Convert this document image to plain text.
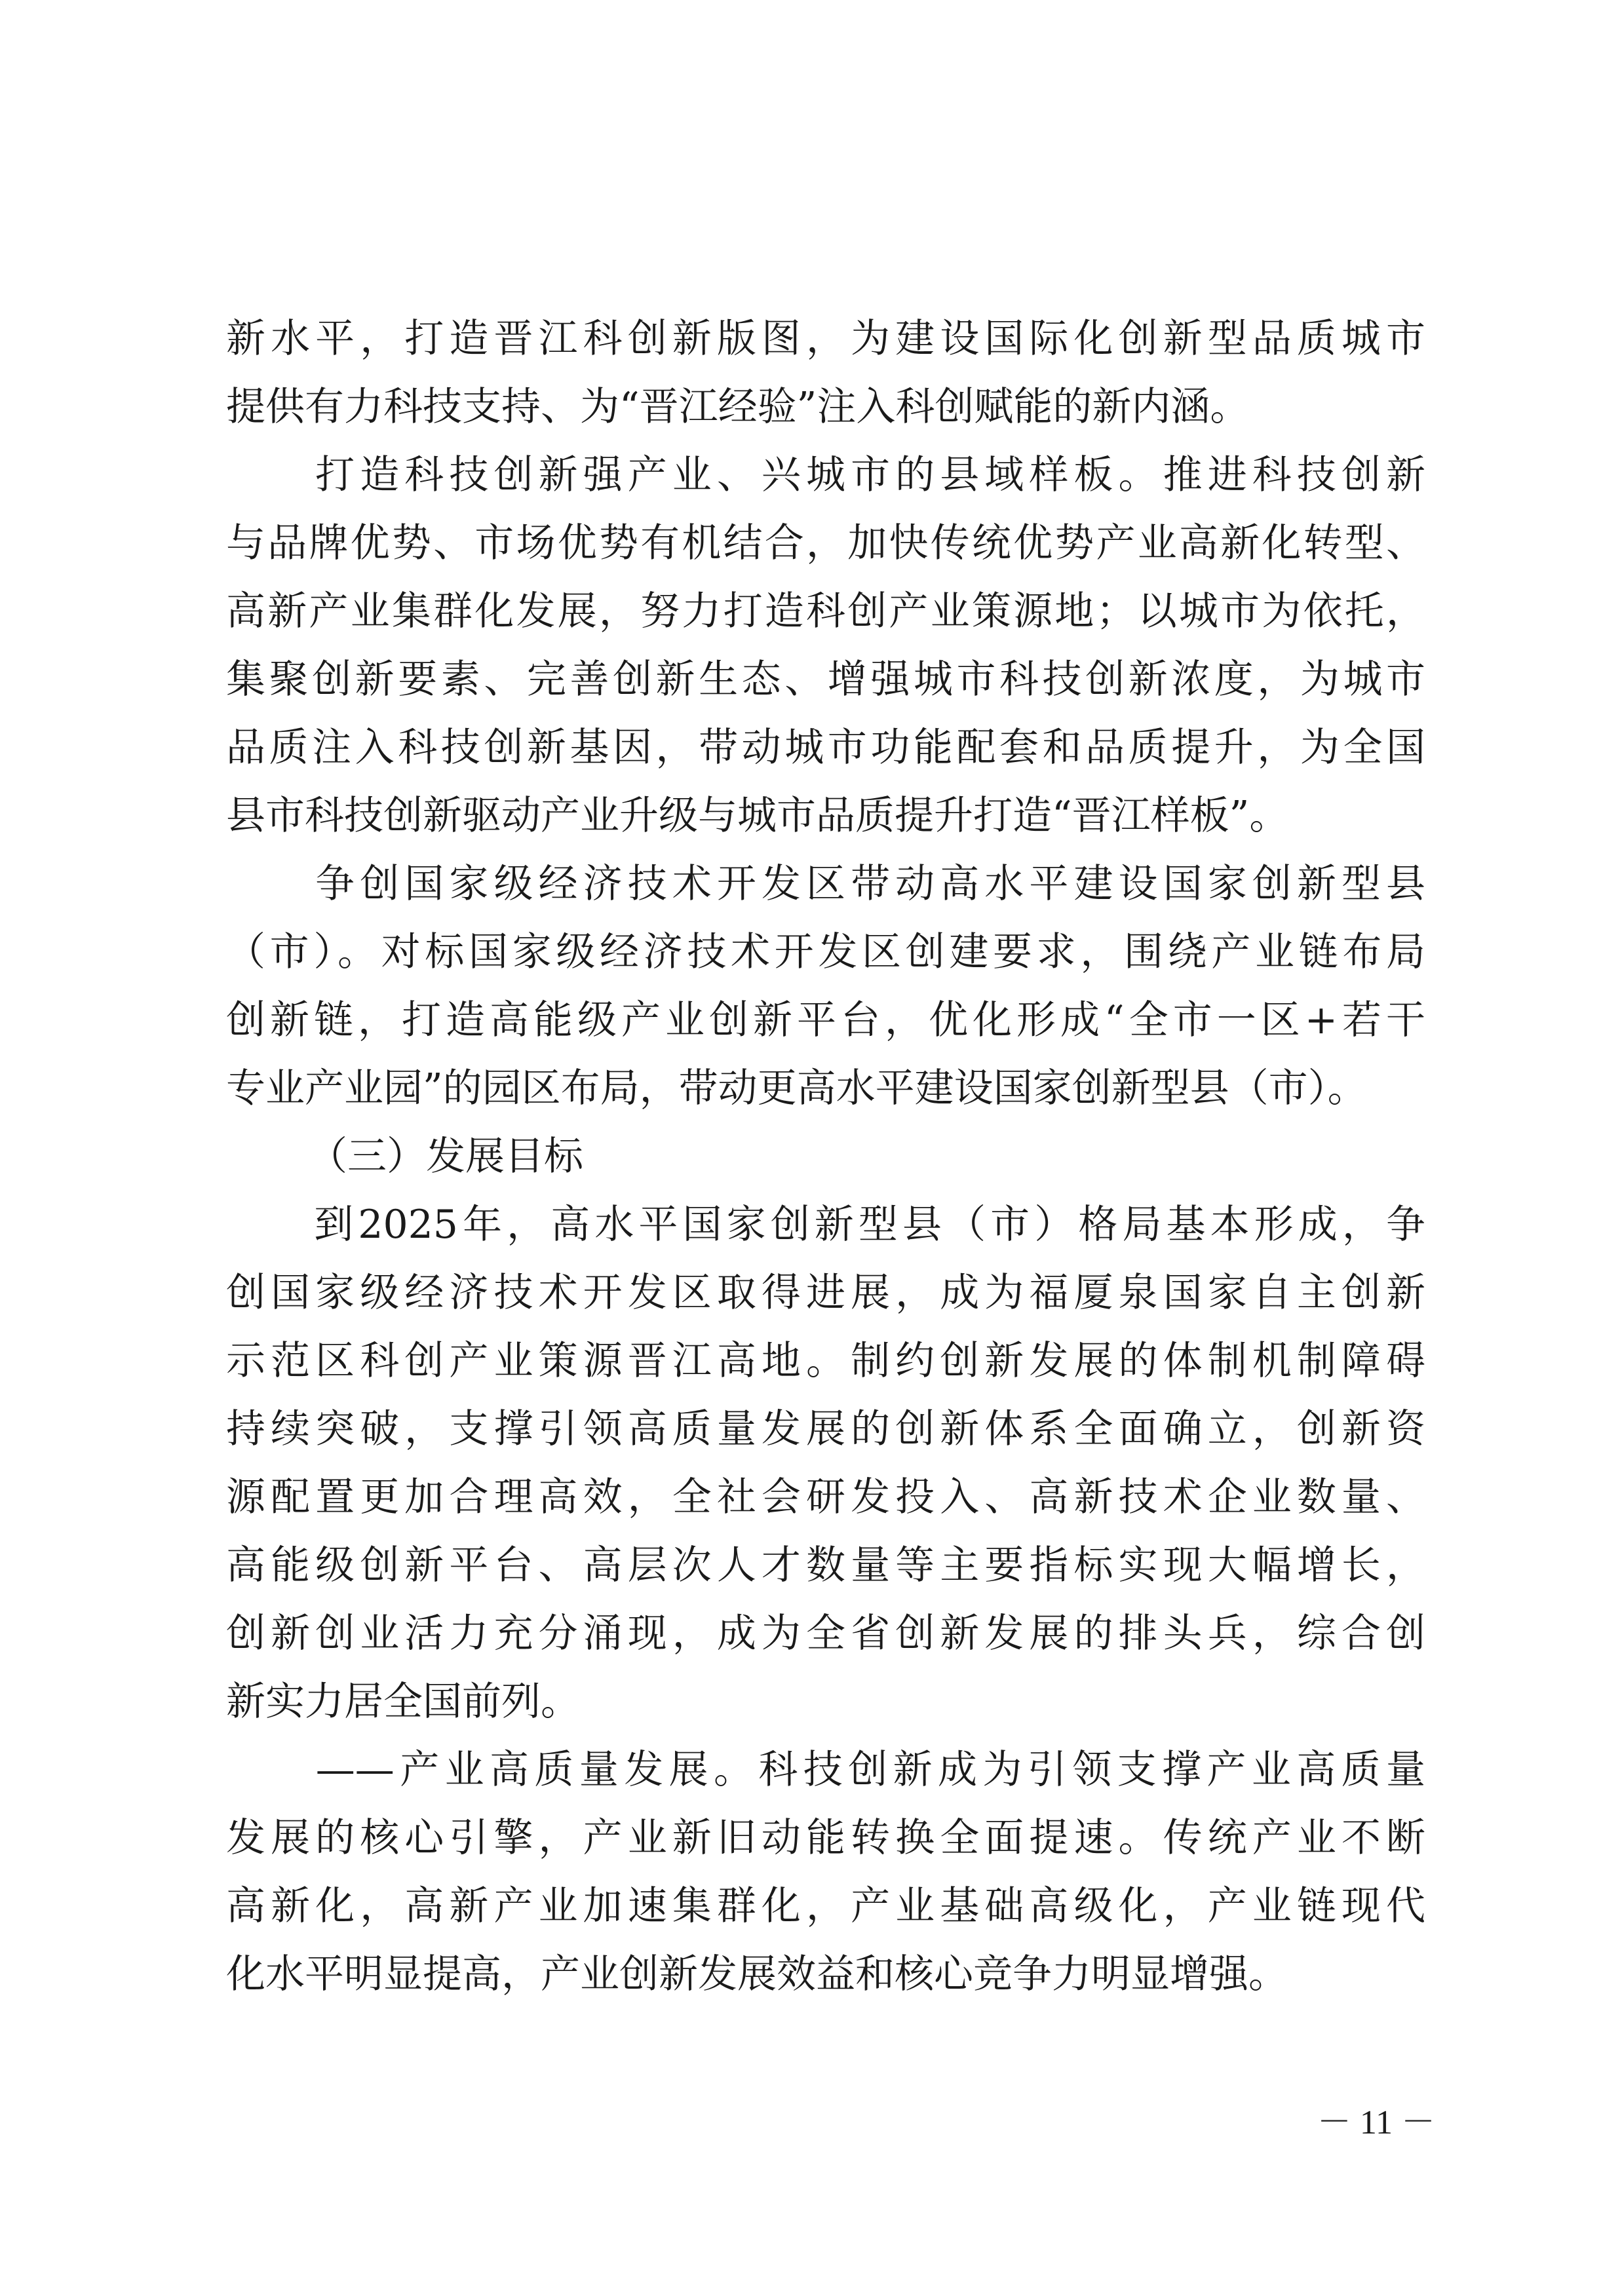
新水平，打造晋江科创新版图，为建设国际化创新型品质城市
提供有力科技支持、为“晋江经验”注入科创赋能的新内涵。
　　打造科技创新强产业、兴城市的县域样板。推进科技创新
与品牌优势、市场优势有机结合，加快传统优势产业高新化转型、
高新产业集群化发展，努力打造科创产业策源地；以城市为依托，
集聚创新要素、完善创新生态、增强城市科技创新浓度，为城市
品质注入科技创新基因，带动城市功能配套和品质提升，为全国
县市科技创新驱动产业升级与城市品质提升打造“晋江样板”。
　　争创国家级经济技术开发区带动高水平建设国家创新型县
（市）。对标国家级经济技术开发区创建要求，围绕产业链布局
创新链，打造高能级产业创新平台，优化形成“全市一区+若干
专业产业园”的园区布局，带动更高水平建设国家创新型县（市）。
（三）发展目标
　　到2025年，高水平国家创新型县（市）格局基本形成，争
创国家级经济技术开发区取得进展，成为福厦泉国家自主创新
示范区科创产业策源晋江高地。制约创新发展的体制机制障碍
持续突破，支撑引领高质量发展的创新体系全面确立，创新资
源配置更加合理高效，全社会研发投入、高新技术企业数量、
高能级创新平台、高层次人才数量等主要指标实现大幅增长，
创新创业活力充分涌现，成为全省创新发展的排头兵，综合创
新实力居全国前列。
　　——产业高质量发展。科技创新成为引领支撑产业高质量
发展的核心引擎，产业新旧动能转换全面提速。传统产业不断
高新化，高新产业加速集群化，产业基础高级化，产业链现代
化水平明显提高，产业创新发展效益和核心竞争力明显增强。
－ 11 －
